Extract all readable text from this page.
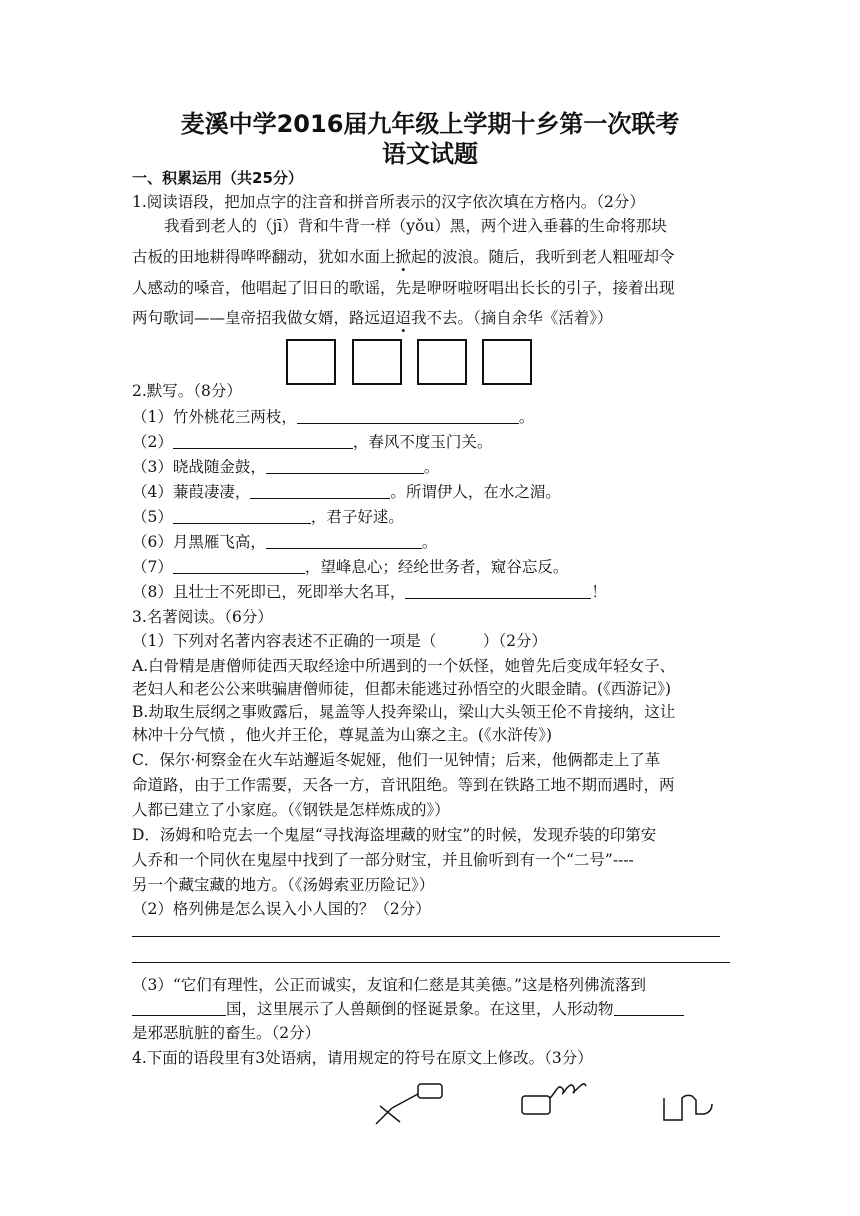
麦溪中学2016届九年级上学期十乡第一次联考
语文试题
一、积累运用（共25分）
1.阅读语段，把加点字的注音和拼音所表示的汉字依次填在方格内。（2分）
我看到老人的（jī）背和牛背一样（yǒu）黑，两个进入垂暮的生命将那块
古板的田地耕得哗哗翻动，犹如水面上掀起的波浪。随后，我听到老人粗哑却令
人感动的嗓音，他唱起了旧日的歌谣，先是咿呀啦呀唱出长长的引子，接着出现
两句歌词——皇帝招我做女婿，路远迢迢我不去。（摘自余华《活着》）
2.默写。（8分）
（1）竹外桃花三两枝，	。
（2）	，春风不度玉门关。
（3）晓战随金鼓，	。
（4）蒹葭凄凄，	。所谓伊人，在水之湄。
（5）	，君子好逑。
（6）月黑雁飞高，	。
（7）	，望峰息心；经纶世务者，窥谷忘反。
（8）且壮士不死即已，死即举大名耳，	！
3.名著阅读。（6分）
（1）下列对名著内容表述不正确的一项是（　　　）（2分）
A.白骨精是唐僧师徒西天取经途中所遇到的一个妖怪，她曾先后变成年轻女子、
老妇人和老公公来哄骗唐僧师徒，但都未能逃过孙悟空的火眼金睛。(《西游记》)
B.劫取生辰纲之事败露后，晁盖等人投奔梁山，梁山大头领王伦不肯接纳，这让
林冲十分气愤 ，他火并王伦，尊晁盖为山寨之主。(《水浒传》)
C．保尔·柯察金在火车站邂逅冬妮娅，他们一见钟情；后来，他俩都走上了革
命道路，由于工作需要，天各一方，音讯阻绝。等到在铁路工地不期而遇时，两
人都已建立了小家庭。（《钢铁是怎样炼成的》）
D．汤姆和哈克去一个鬼屋“寻找海盗埋藏的财宝”的时候，发现乔装的印第安
人乔和一个同伙在鬼屋中找到了一部分财宝，并且偷听到有一个“二号”----
另一个藏宝藏的地方。（《汤姆索亚历险记》）
（2）格列佛是怎么误入小人国的？（2分）
（3）“它们有理性，公正而诚实，友谊和仁慈是其美德。”这是格列佛流落到
国，这里展示了人兽颠倒的怪诞景象。在这里，人形动物
是邪恶肮脏的畜生。（2分）
4.下面的语段里有3处语病，请用规定的符号在原文上修改。（3分）
